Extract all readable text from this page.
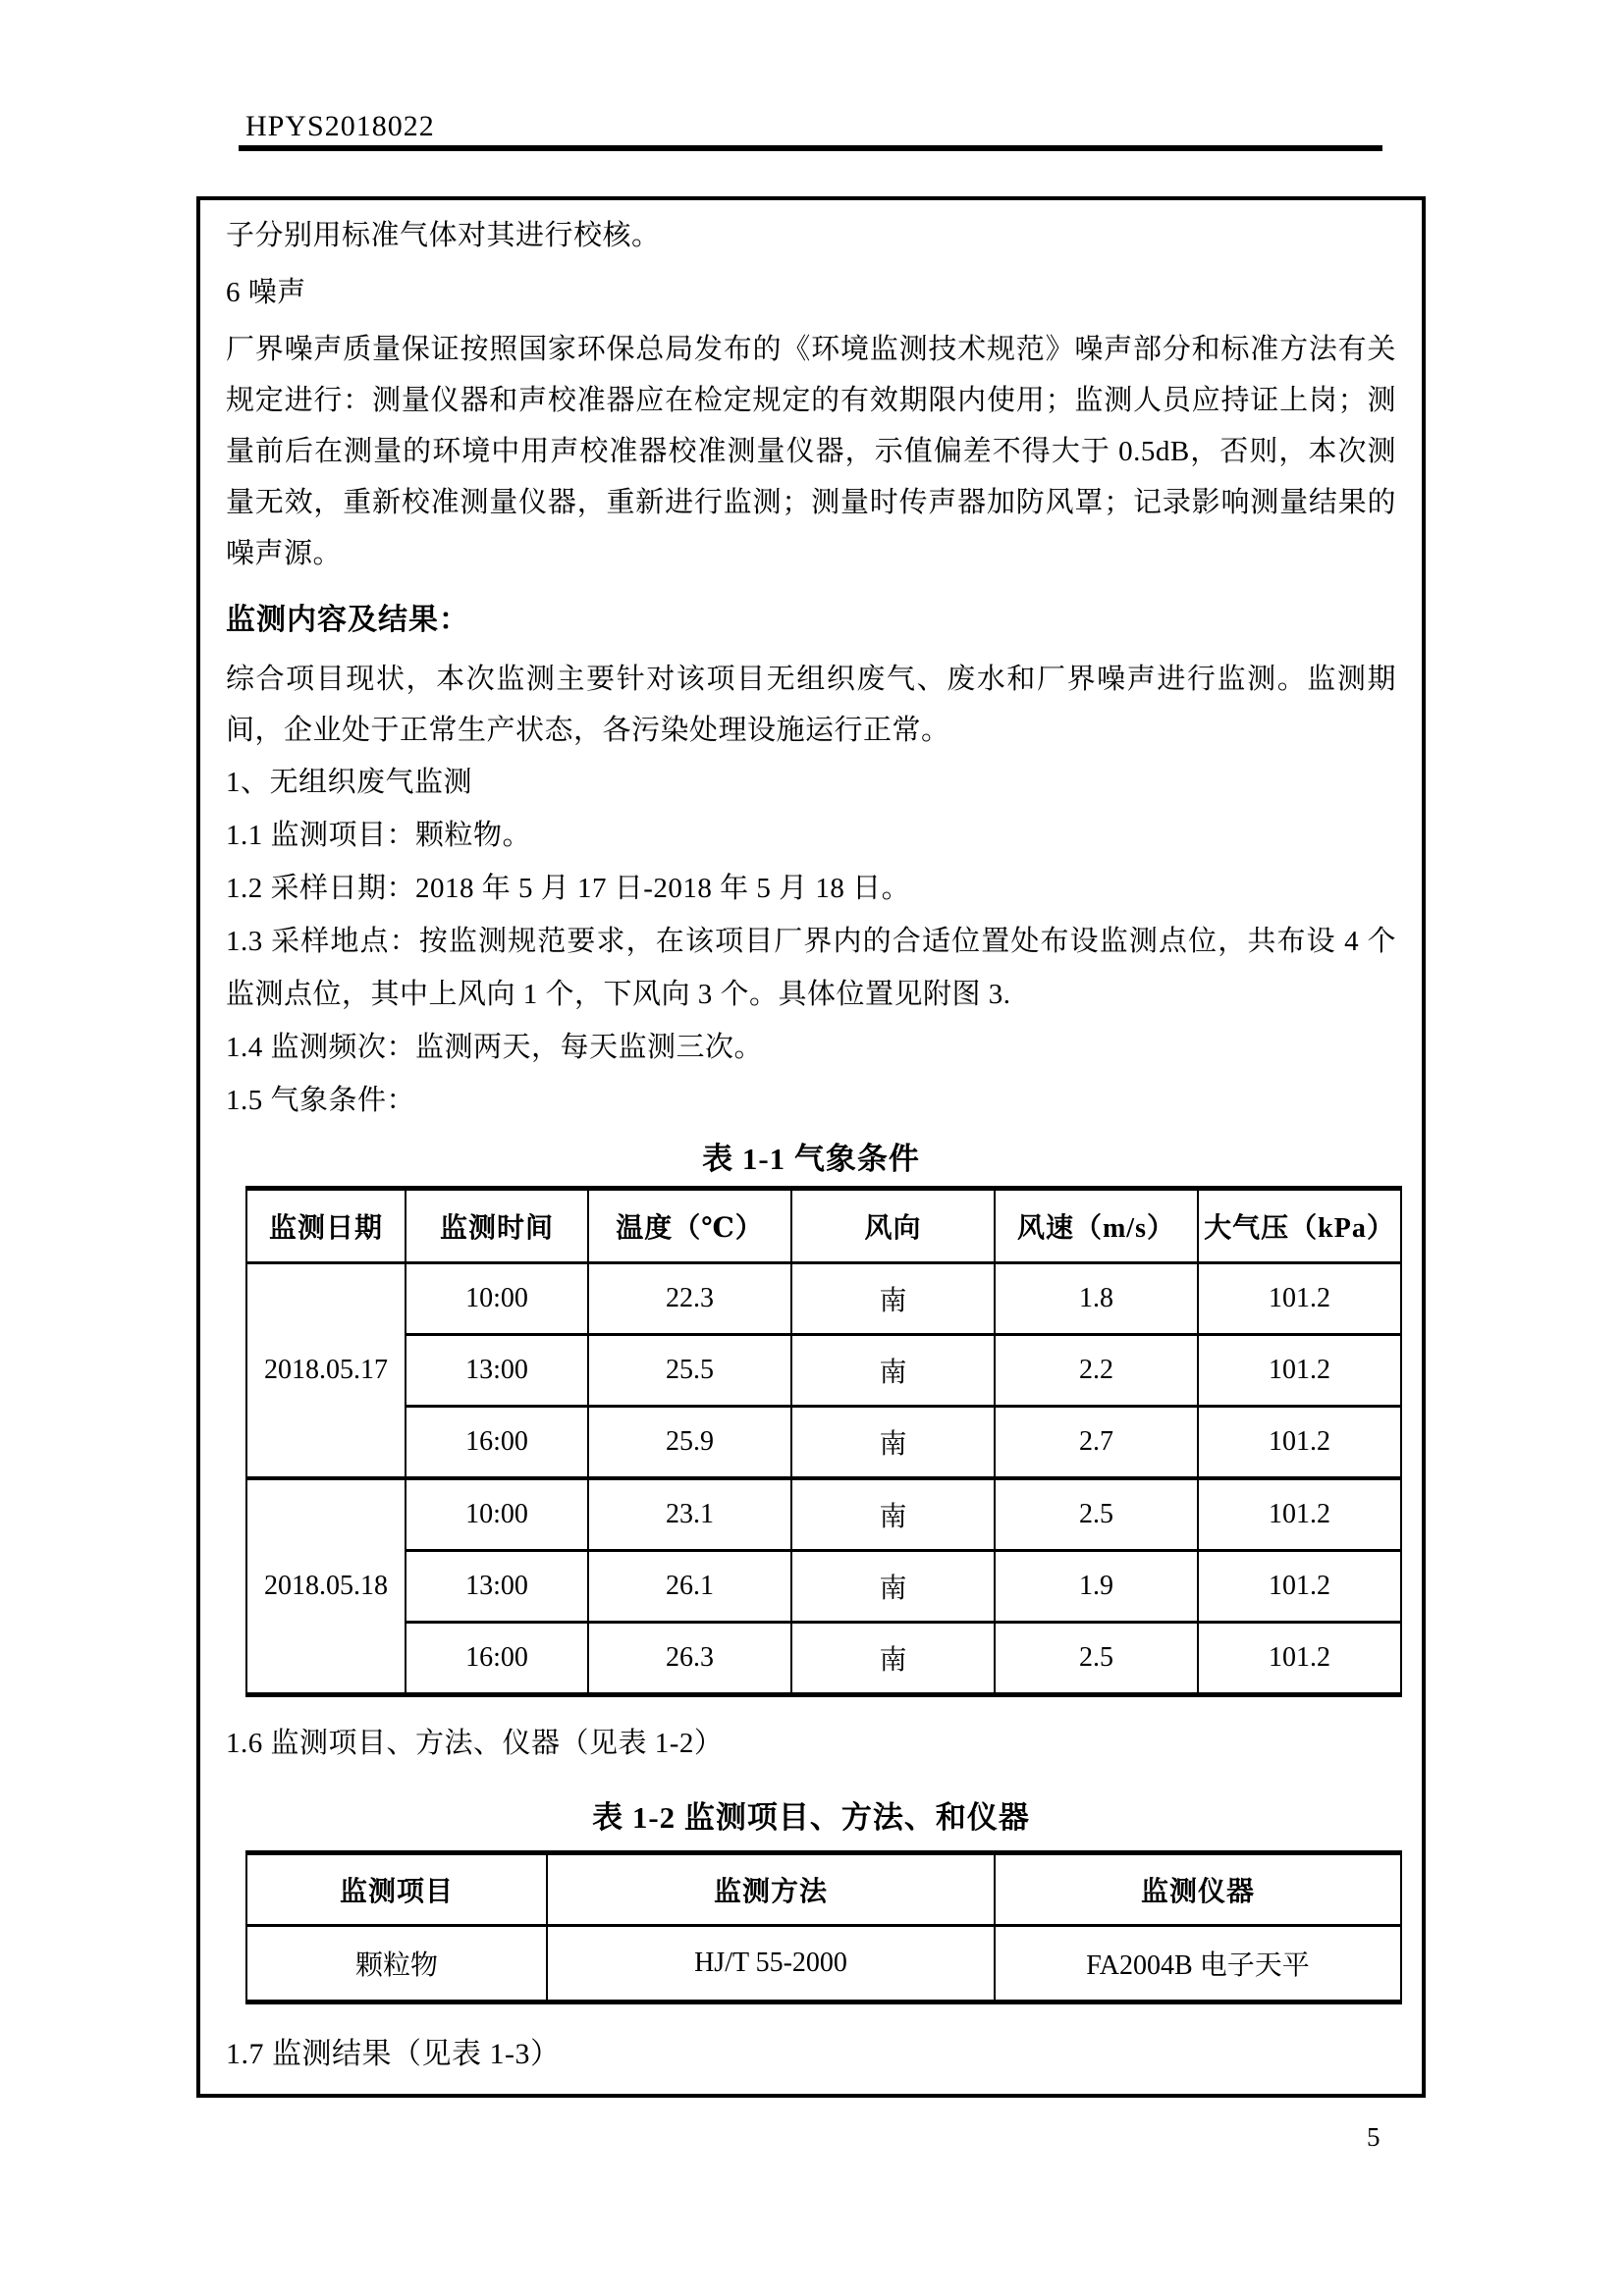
HPYS2018022

子分别用标准气体对其进行校核。

6 噪声

厂界噪声质量保证按照国家环保总局发布的《环境监测技术规范》噪声部分和标准方法有关规定进行：测量仪器和声校准器应在检定规定的有效期限内使用；监测人员应持证上岗；测量前后在测量的环境中用声校准器校准测量仪器，示值偏差不得大于 0.5dB，否则，本次测量无效，重新校准测量仪器，重新进行监测；测量时传声器加防风罩；记录影响测量结果的噪声源。

监测内容及结果：

综合项目现状，本次监测主要针对该项目无组织废气、废水和厂界噪声进行监测。监测期间，企业处于正常生产状态，各污染处理设施运行正常。

1、无组织废气监测

1.1 监测项目：颗粒物。

1.2 采样日期：2018 年 5 月 17 日-2018 年 5 月 18 日。

1.3 采样地点：按监测规范要求，在该项目厂界内的合适位置处布设监测点位，共布设 4 个监测点位，其中上风向 1 个，下风向 3 个。具体位置见附图 3.

1.4 监测频次：监测两天，每天监测三次。

1.5 气象条件：

表 1-1 气象条件

监测日期	监测时间	温度（℃）	风向	风速（m/s）	大气压（kPa）
2018.05.17	10:00	22.3	南	1.8	101.2
	13:00	25.5	南	2.2	101.2
	16:00	25.9	南	2.7	101.2
2018.05.18	10:00	23.1	南	2.5	101.2
	13:00	26.1	南	1.9	101.2
	16:00	26.3	南	2.5	101.2

1.6 监测项目、方法、仪器（见表 1-2）

表 1-2 监测项目、方法、和仪器

监测项目	监测方法	监测仪器
颗粒物	HJ/T 55-2000	FA2004B 电子天平

1.7 监测结果（见表 1-3）

5
